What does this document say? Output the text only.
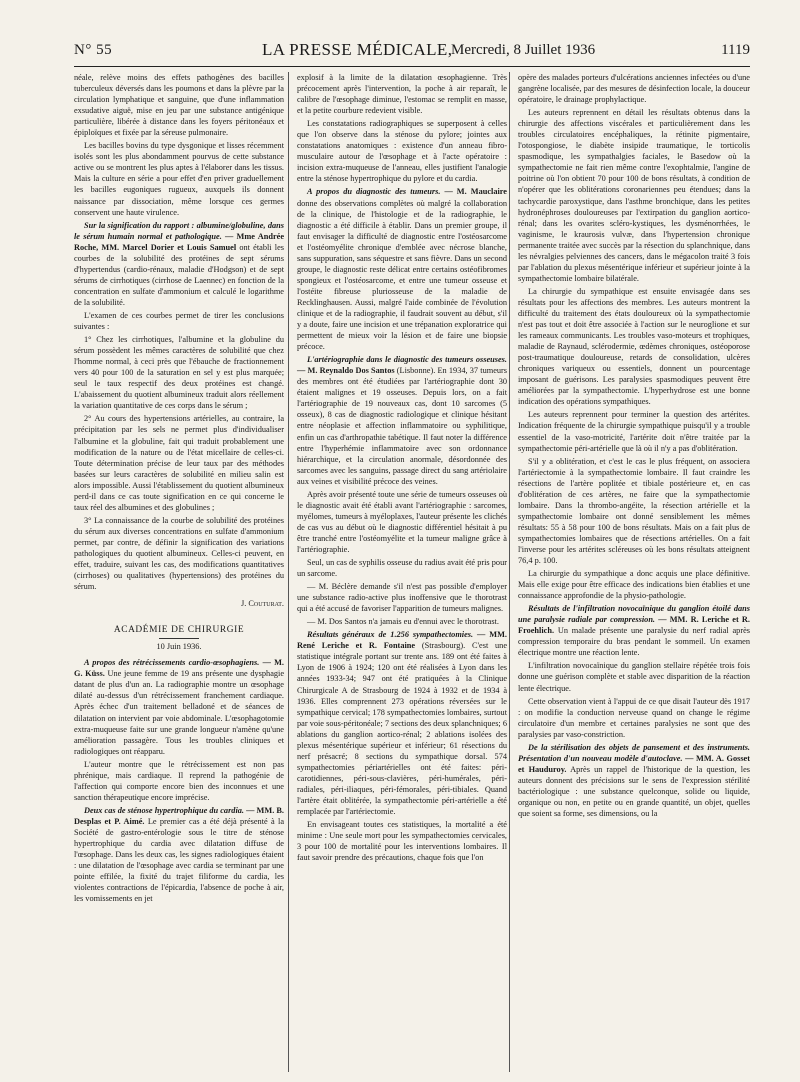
N° 55	LA PRESSE MÉDICALE,
Mercredi, 8 Juillet 1936	1119

néale, relève moins des effets pathogènes des bacilles tuberculeux déversés dans les poumons et dans la plèvre par la circulation lymphatique et sanguine, que d'une inflammation exsudative aiguë, mise en jeu par une substance antigénique particulière, libérée à distance dans les foyers péritonéaux et épiploïques et fixée par la séreuse pulmonaire.

Les bacilles bovins du type dysgonique et lisses récemment isolés sont les plus abondamment pourvus de cette substance active ou se montrent les plus aptes à l'élaborer dans les tissus. Mais la culture en série a pour effet d'en priver graduellement les bacilles eugoniques rugueux, auxquels ils donnent naissance par dissociation, même lorsque ces germes conservent une haute virulence.

Sur la signification du rapport : albumine/globuline, dans le sérum humain normal et pathologique. — Mme Andrée Roche, MM. Marcel Dorier et Louis Samuel ont établi les courbes de la solubilité des protéines de sept sérums d'hypertendus (cardio-rénaux, maladie d'Hodgson) et de sept sérums de cirrhotiques (cirrhose de Laennec) en fonction de la concentration en sulfate d'ammonium et calculé le logarithme de la solubilité.

L'examen de ces courbes permet de tirer les conclusions suivantes :

1° Chez les cirrhotiques, l'albumine et la globuline du sérum possèdent les mêmes caractères de solubilité que chez l'homme normal, à ceci près que l'ébauche de fractionnement vers 40 pour 100 de la saturation en sel y est plus marquée; seul le taux respectif des deux protéines est changé. L'abaissement du quotient albumineux traduit alors réellement la variation quantitative de ces corps dans le sérum ;

2° Au cours des hypertensions artérielles, au contraire, la précipitation par les sels ne permet plus d'individualiser l'albumine et la globuline, fait qui traduit probablement une modification de la nature ou de l'état micellaire de celles-ci. Toute détermination précise de leur taux par des méthodes basées sur leurs caractères de solubilité en milieu salin est alors impossible. Aussi l'établissement du quotient albumineux perd-il dans ce cas toute signification en ce qui concerne le taux réel des albumines et des globulines ;

3° La connaissance de la courbe de solubilité des protéines du sérum aux diverses concentrations en sulfate d'ammonium permet, par contre, de définir la signification des variations pathologiques du quotient albumineux. Celles-ci peuvent, en effet, traduire, suivant les cas, des modifications quantitatives (cirrhoses) ou qualitatives (hypertensions) des protéines du sérum.

J. Couturat.
ACADÉMIE DE CHIRURGIE
10 Juin 1936.

A propos des rétrécissements cardio-œsophagiens. — M. G. Küss. Une jeune femme de 19 ans présente une dysphagie datant de plus d'un an. La radiographie montre un œsophage dilaté au-dessus d'un rétrécissement franchement cardiaque. Après échec d'un traitement belladoné et de séances de dilatation on intervient par voie abdominale. L'œsophagotomie extra-muqueuse faite sur une grande longueur n'amène qu'une amélioration passagère. Tous les troubles cliniques et radiologiques ont réapparu.

L'auteur montre que le rétrécissement est non pas phrénique, mais cardiaque. Il reprend la pathogénie de l'affection qui comporte encore bien des inconnues et une sanction thérapeutique encore imprécise.

Deux cas de sténose hypertrophique du cardia. — MM. B. Desplas et P. Aimé. Le premier cas a été déjà présenté à la Société de gastro-entérologie sous le titre de sténose hypertrophique du cardia avec dilatation diffuse de l'œsophage. Dans les deux cas, les signes radiologiques étaient : une dilatation de l'œsophage avec cardia se terminant par une pointe effilée, la fixité du trajet filiforme du cardia, les violentes contractions de l'épicardia, l'absence de poche à air, les vomissements en jet

explosif à la limite de la dilatation œsophagienne. Très précocement après l'intervention, la poche à air reparaît, le calibre de l'œsophage diminue, l'estomac se remplit en masse, et la petite courbure redevient visible.

Les constatations radiographiques se superposent à celles que l'on observe dans la sténose du pylore; jointes aux constatations anatomiques : existence d'un anneau fibro-musculaire autour de l'œsophage et à l'acte opératoire : incision extra-muqueuse de l'anneau, elles justifient l'analogie entre la sténose hypertrophique du pylore et du cardia.

A propos du diagnostic des tumeurs. — M. Mauclaire donne des observations complètes où malgré la collaboration de la clinique, de l'histologie et de la radiographie, le diagnostic a été difficile à établir. Dans un premier groupe, il faut envisager la difficulté de diagnostic entre l'ostéosarcome et l'ostéomyélite chronique d'emblée avec nécrose blanche, sans suppuration, sans séquestre et sans fièvre. Dans un second groupe, le diagnostic reste délicat entre certains ostéofibromes spongieux et l'ostéosarcome, et entre une tumeur osseuse et l'ostéite fibreuse pluriosseuse de la maladie de Recklinghausen. Aussi, malgré l'aide combinée de l'évolution clinique et de la radiographie, il faudrait souvent au début, s'il y a doute, faire une incision et une trépanation exploratrice qui permettent de mieux voir la lésion et de faire une biopsie précoce.

L'artériographie dans le diagnostic des tumeurs osseuses. — M. Reynaldo Dos Santos (Lisbonne). En 1934, 37 tumeurs des membres ont été étudiées par l'artériographie dont 30 étaient malignes et 19 osseuses. Depuis lors, on a fait l'artériographie de 19 nouveaux cas, dont 10 sarcomes (5 osseux), 8 cas de diagnostic radiologique et clinique hésitant entre néoplasie et affection inflammatoire ou syphilitique, enfin un cas d'arthropathie tabétique. Il faut noter la différence entre l'hyperhémie inflammatoire avec son ordonnance hiérarchique, et la circulation anormale, désordonnée des sarcomes avec les sanguins, passage direct du sang artériolaire aux veines et visibilité précoce des veines.

Après avoir présenté toute une série de tumeurs osseuses où le diagnostic avait été établi avant l'artériographie : sarcomes, myélomes, tumeurs à myéloplaxes, l'auteur présente les clichés de cas vus au début où le diagnostic différentiel hésitait à pu être tranché entre l'ostéomyélite et la tumeur maligne grâce à l'artériographie.

Seul, un cas de syphilis osseuse du radius avait été pris pour un sarcome.

— M. Béclère demande s'il n'est pas possible d'employer une substance radio-active plus inoffensive que le thorotrast qui a été accusé de favoriser l'apparition de tumeurs malignes.

— M. Dos Santos n'a jamais eu d'ennui avec le thorotrast.

Résultats généraux de 1.256 sympathectomies. — MM. René Leriche et R. Fontaine (Strasbourg). C'est une statistique intégrale portant sur trente ans. 189 ont été faites à Lyon de 1906 à 1924; 120 ont été réalisées à Lyon dans les années 1933-34; 947 ont été pratiquées à la Clinique Chirurgicale A de Strasbourg de 1924 à 1932 et de 1934 à 1936. Elles comprennent 273 opérations réversées sur le sympathique cervical; 178 sympathectomies lombaires, surtout par voie sous-péritonéale; 7 sections des deux splanchniques; 6 ablations du ganglion aortico-rénal; 2 ablations isolées des plexus mésentérique supérieur et inférieur; 61 résections du nerf présacré; 8 sections du sympathique dorsal. 574 sympathectomies périartérielles ont été faites: péri-carotidiennes, péri-sous-clavières, péri-humérales, péri-radiales, péri-iliaques, péri-fémorales, péri-tibiales. Quand l'artère était oblitérée, la sympathectomie péri-artérielle a été remplacée par l'artériectomie.

En envisageant toutes ces statistiques, la mortalité a été minime : Une seule mort pour les sympathectomies cervicales, 3 pour 100 de mortalité pour les interventions lombaires. Il faut savoir prendre des précautions, chaque fois que l'on

opère des malades porteurs d'ulcérations anciennes infectées ou d'une gangrène localisée, par des mesures de désinfection locale, la douceur opératoire, le drainage prophylactique.

Les auteurs reprennent en détail les résultats obtenus dans la chirurgie des affections viscérales et particulièrement dans les troubles circulatoires encéphaliques, la rétinite pigmentaire, l'otospongiose, le diabète insipide traumatique, le torticolis spasmodique, les sympathalgies faciales, le Basedow où la sympathectomie ne fait rien même contre l'exophtalmie, l'angine de poitrine où l'on obtient 70 pour 100 de bons résultats, à condition de n'opérer que les oblitérations coronariennes peu étendues; dans la tachycardie paroxystique, dans l'asthme bronchique, dans les petites hydronéphroses douloureuses par l'extirpation du ganglion aortico-rénal; dans les ovarites scléro-kystiques, les dysménorrhées, le vaginisme, le kraurosis vulvæ, dans l'hypertension chronique permanente traitée avec succès par la résection du splanchnique, dans les névralgies pelviennes des cancers, dans le mégacolon traité 3 fois par l'ablation du plexus mésentérique inférieur et supérieur jointe à la sympathectomie lombaire bilatérale.

La chirurgie du sympathique est ensuite envisagée dans ses résultats pour les affections des membres. Les auteurs montrent la difficulté du traitement des états douloureux où la sympathectomie n'est pas tout et doit être associée à l'action sur le neuroglione et sur les rameaux communicants. Les troubles vaso-moteurs et trophiques, maladie de Raynaud, sclérodermie, œdèmes chroniques, ostéoporose post-traumatique douloureuse, retards de consolidation, ulcères chroniques variqueux ou essentiels, donnent un pourcentage imposant de guérisons. Les paralysies spasmodiques peuvent être améliorées par la sympathectomie. L'hyperhydrose est une bonne indication des opérations sympathiques.

Les auteurs reprennent pour terminer la question des artérites. Indication fréquente de la chirurgie sympathique puisqu'il y a trouble essentiel de la vaso-motricité, l'artérite doit n'être traitée par la sympathectomie péri-artérielle que là où il n'y a pas d'oblitération.

S'il y a oblitération, et c'est le cas le plus fréquent, on associera l'artériectomie à la sympathectomie lombaire. Il faut craindre les résections de l'artère poplitée et tibiale postérieure et, en cas d'oblitération de ces artères, ne faire que la sympathectomie lombaire. Dans la thrombo-angéite, la résection artérielle et la sympathectomie lombaire ont donné sensiblement les mêmes résultats: 55 à 58 pour 100 de bons résultats. Mais on a fait plus de sympathectomies lombaires que de résections artérielles. On a fait l'inverse pour les artérites scléreuses où les bons résultats atteignent 76,4 p. 100.

La chirurgie du sympathique a donc acquis une place définitive. Mais elle exige pour être efficace des indications bien établies et une connaissance approfondie de la physio-pathologie.

Résultats de l'infiltration novocaïnique du ganglion étoilé dans une paralysie radiale par compression. — MM. R. Leriche et R. Froehlich. Un malade présente une paralysie du nerf radial après compression temporaire du bras pendant le sommeil. Un examen électrique montre une réaction lente.

L'infiltration novocaïnique du ganglion stellaire répétée trois fois donne une guérison complète et stable avec disparition de la réaction lente électrique.

Cette observation vient à l'appui de ce que disait l'auteur dès 1917 : on modifie la conduction nerveuse quand on change le régime circulatoire d'un membre et certaines paralysies ne sont que des paralysies par vaso-constriction.

De la stérilisation des objets de pansement et des instruments. Présentation d'un nouveau modèle d'autoclave. — MM. A. Gosset et Hauduroy. Après un rappel de l'historique de la question, les auteurs donnent des précisions sur le sens de l'expression stérilité bactériologique : une substance quelconque, solide ou liquide, organique ou non, en petite ou en grande quantité, un objet, quelles que soient sa forme, ses dimensions, ou la
